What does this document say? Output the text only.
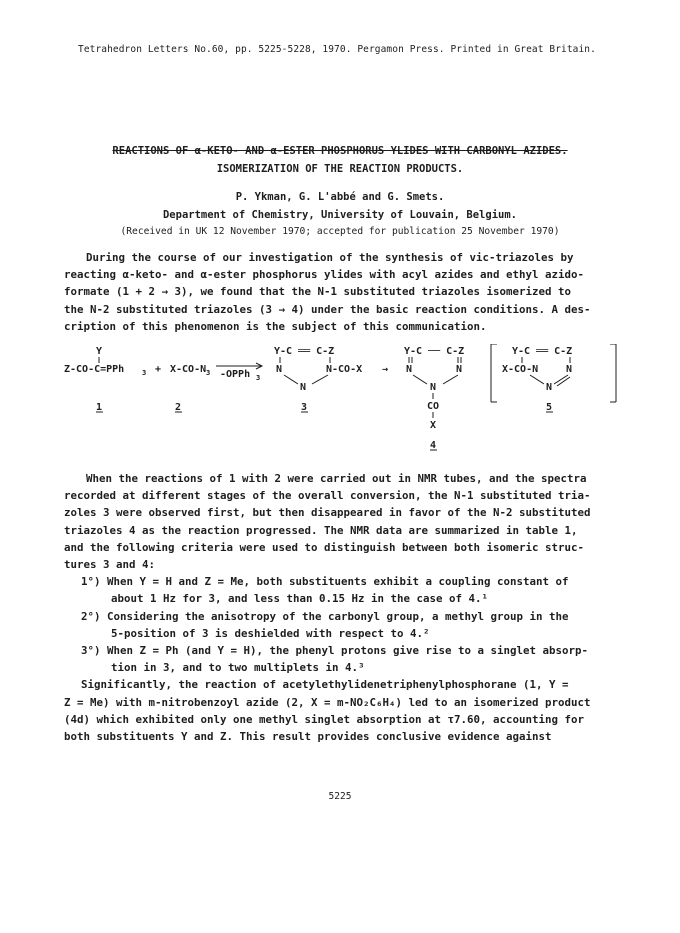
Tetrahedron Letters No.60, pp. 5225-5228, 1970. Pergamon Press. Printed in Great Britain.
REACTIONS OF α-KETO- AND α-ESTER PHOSPHORUS YLIDES WITH CARBONYL AZIDES.
ISOMERIZATION OF THE REACTION PRODUCTS.
P. Ykman, G. L'abbé and G. Smets.
Department of Chemistry, University of Louvain, Belgium.
(Received in UK 12 November 1970; accepted for publication 25 November 1970)
During the course of our investigation of the synthesis of vic-triazoles by
reacting α-keto- and α-ester phosphorus ylides with acyl azides and ethyl azido-
formate (1 + 2 → 3), we found that the N-1 substituted triazoles isomerized to
the N-2 substituted triazoles (3 → 4) under the basic reaction conditions. A des-
cription of this phenomenon is the subject of this communication.
Y
Z-CO-C=PPh	3 + X-CO-N 3 -OPPh 3
Y-C ══ C-Z
N	N-CO-X
N
→
Y-C ── C-Z
N	N
N
CO
X
Y-C ══ C-Z
X-CO-N	N
N
1	2	3
4
5
When the reactions of 1 with 2 were carried out in NMR tubes, and the spectra
recorded at different stages of the overall conversion, the N-1 substituted tria-
zoles 3 were observed first, but then disappeared in favor of the N-2 substituted
triazoles 4 as the reaction progressed. The NMR data are summarized in table 1,
and the following criteria were used to distinguish between both isomeric struc-
tures 3 and 4:
1°) When Y = H and Z = Me, both substituents exhibit a coupling constant of
about 1 Hz for 3, and less than 0.15 Hz in the case of 4.¹
2°) Considering the anisotropy of the carbonyl group, a methyl group in the
5-position of 3 is deshielded with respect to 4.²
3°) When Z = Ph (and Y = H), the phenyl protons give rise to a singlet absorp-
tion in 3, and to two multiplets in 4.³
Significantly, the reaction of acetylethylidenetriphenylphosphorane (1, Y =
Z = Me) with m-nitrobenzoyl azide (2, X = m-NO₂C₆H₄) led to an isomerized product
(4d) which exhibited only one methyl singlet absorption at τ7.60, accounting for
both substituents Y and Z. This result provides conclusive evidence against
5225
